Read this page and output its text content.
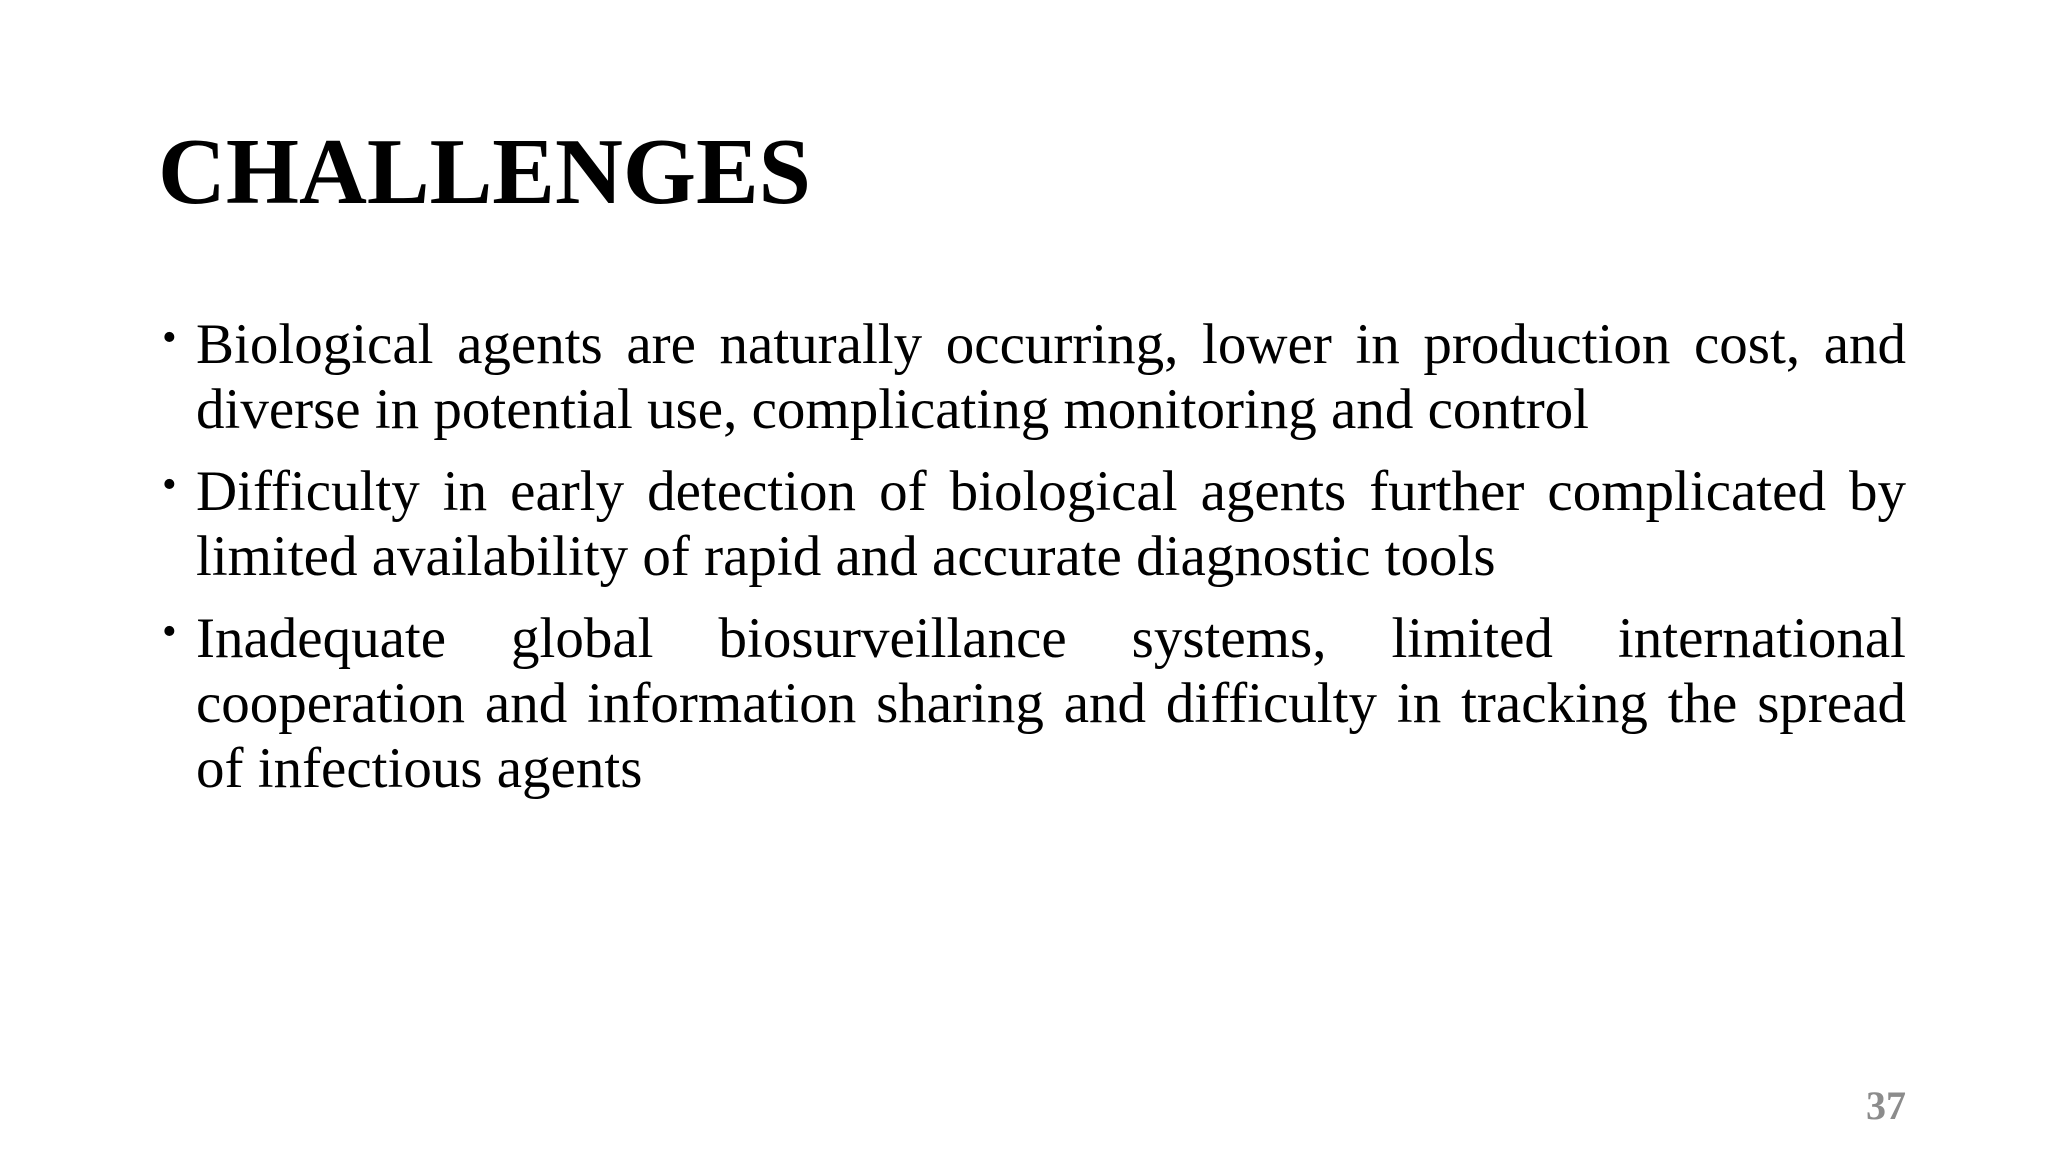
CHALLENGES
• Biological agents are naturally occurring, lower in production cost, and diverse in potential use, complicating monitoring and control
• Difficulty in early detection of biological agents further complicated by limited availability of rapid and accurate diagnostic tools
• Inadequate global biosurveillance systems, limited international cooperation and information sharing and difficulty in tracking the spread of infectious agents
37
